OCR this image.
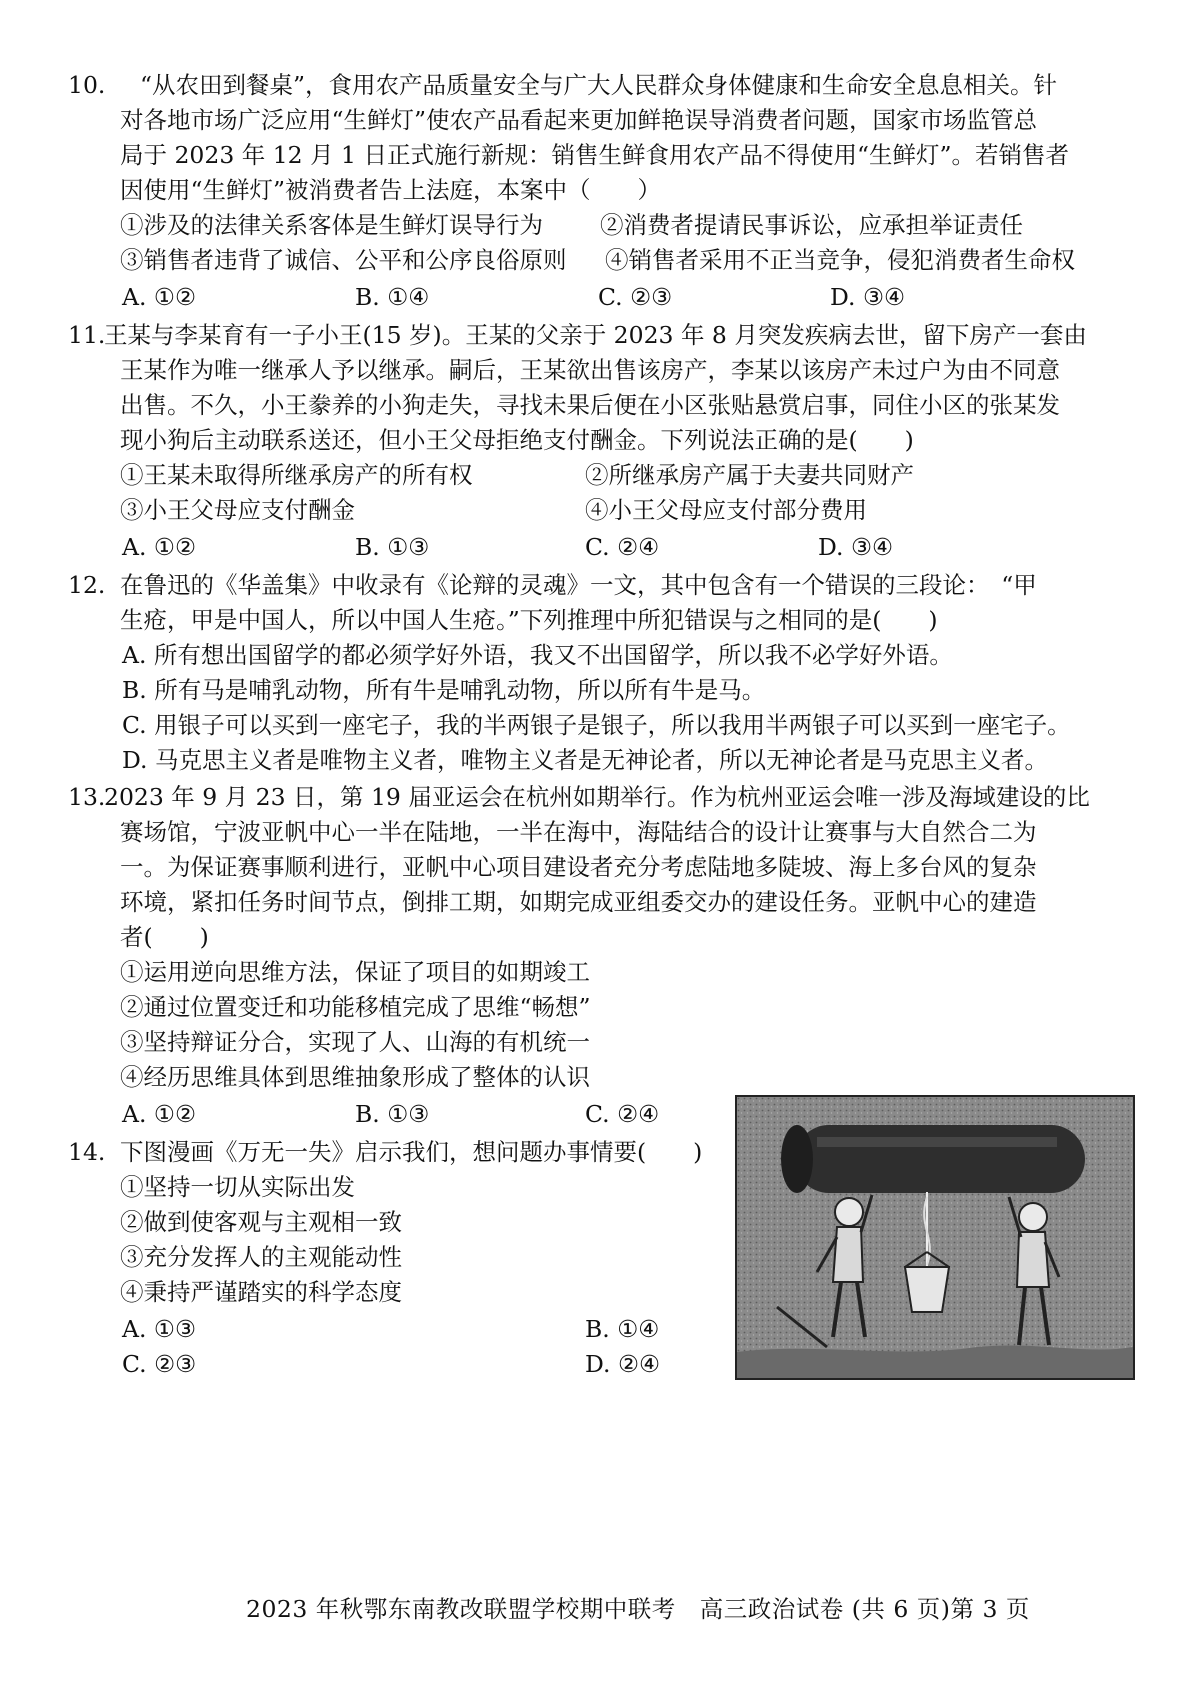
10. “从农田到餐桌”，食用农产品质量安全与广大人民群众身体健康和生命安全息息相关。针
对各地市场广泛应用“生鲜灯”使农产品看起来更加鲜艳误导消费者问题，国家市场监管总
局于 2023 年 12 月 1 日正式施行新规：销售生鲜食用农产品不得使用“生鲜灯”。若销售者
因使用“生鲜灯”被消费者告上法庭，本案中（　　）
①涉及的法律关系客体是生鲜灯误导行为 ②消费者提请民事诉讼，应承担举证责任
③销售者违背了诚信、公平和公序良俗原则 ④销售者采用不正当竞争，侵犯消费者生命权
A. ①②	B. ①④	C. ②③	D. ③④
11.
王某与李某育有一子小王(15 岁)。王某的父亲于 2023 年 8 月突发疾病去世，留下房产一套由
王某作为唯一继承人予以继承。嗣后，王某欲出售该房产，李某以该房产未过户为由不同意
出售。不久，小王豢养的小狗走失，寻找未果后便在小区张贴悬赏启事，同住小区的张某发
现小狗后主动联系送还，但小王父母拒绝支付酬金。下列说法正确的是(　　)
①王某未取得所继承房产的所有权	②所继承房产属于夫妻共同财产
③小王父母应支付酬金	④小王父母应支付部分费用
A. ①②	B. ①③	C. ②④	D. ③④
12. 在鲁迅的《华盖集》中收录有《论辩的灵魂》一文，其中包含有一个错误的三段论：　“甲
生疮，甲是中国人，所以中国人生疮。”下列推理中所犯错误与之相同的是(　　)
A. 所有想出国留学的都必须学好外语，我又不出国留学，所以我不必学好外语。
B. 所有马是哺乳动物，所有牛是哺乳动物，所以所有牛是马。
C. 用银子可以买到一座宅子，我的半两银子是银子，所以我用半两银子可以买到一座宅子。
D. 马克思主义者是唯物主义者，唯物主义者是无神论者，所以无神论者是马克思主义者。
13.
2023 年 9 月 23 日，第 19 届亚运会在杭州如期举行。作为杭州亚运会唯一涉及海域建设的比
赛场馆，宁波亚帆中心一半在陆地，一半在海中，海陆结合的设计让赛事与大自然合二为
一。为保证赛事顺利进行，亚帆中心项目建设者充分考虑陆地多陡坡、海上多台风的复杂
环境，紧扣任务时间节点，倒排工期，如期完成亚组委交办的建设任务。亚帆中心的建造
者(　　)
①运用逆向思维方法，保证了项目的如期竣工
②通过位置变迁和功能移植完成了思维“畅想”
③坚持辩证分合，实现了人、山海的有机统一
④经历思维具体到思维抽象形成了整体的认识
A. ①②	B. ①③	C. ②④
14. 下图漫画《万无一失》启示我们，想问题办事情要(　　)
①坚持一切从实际出发
②做到使客观与主观相一致
③充分发挥人的主观能动性
④秉持严谨踏实的科学态度
A. ①③	B. ①④
C. ②③	D. ②④
2023 年秋鄂东南教改联盟学校期中联考　高三政治试卷 (共 6 页)第 3 页
